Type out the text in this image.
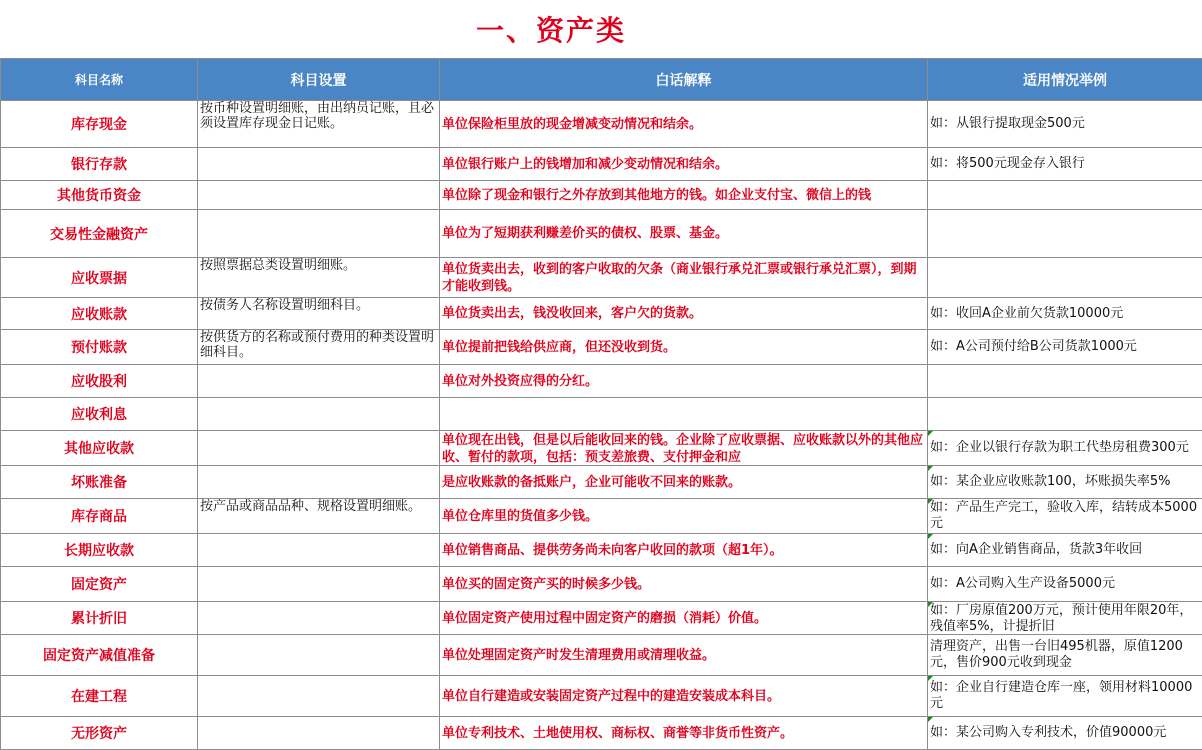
一、资产类
科目名称	科目设置	白话解释	适用情况举例

库存现金	按币种设置明细账，由出纳员记账，且必须设置库存现金日记账。	单位保险柜里放的现金增减变动情况和结余。	如：从银行提取现金500元

银行存款		单位银行账户上的钱增加和减少变动情况和结余。	如：将500元现金存入银行

其他货币资金		单位除了现金和银行之外存放到其他地方的钱。如企业支付宝、微信上的钱	

交易性金融资产		单位为了短期获利赚差价买的债权、股票、基金。	

应收票据	按照票据总类设置明细账。	单位货卖出去，收到的客户收取的欠条（商业银行承兑汇票或银行承兑汇票），到期才能收到钱。	

应收账款	按债务人名称设置明细科目。	单位货卖出去，钱没收回来，客户欠的货款。	如：收回A企业前欠货款10000元

预付账款	按供货方的名称或预付费用的种类设置明细科目。	单位提前把钱给供应商，但还没收到货。	如：A公司预付给B公司货款1000元

应收股利		单位对外投资应得的分红。	

应收利息			

其他应收款		单位现在出钱，但是以后能收回来的钱。企业除了应收票据、应收账款以外的其他应收、暂付的款项，包括：预支差旅费、支付押金和应	如：企业以银行存款为职工代垫房租费300元

坏账准备		是应收账款的备抵账户，企业可能收不回来的账款。	如：某企业应收账款100，坏账损失率5%

库存商品	按产品或商品品种、规格设置明细账。	单位仓库里的货值多少钱。	如：产品生产完工，验收入库，结转成本5000元

长期应收款		单位销售商品、提供劳务尚未向客户收回的款项（超1年）。	如：向A企业销售商品，货款3年收回

固定资产		单位买的固定资产买的时候多少钱。	如：A公司购入生产设备5000元

累计折旧		单位固定资产使用过程中固定资产的磨损（消耗）价值。	如：厂房原值200万元，预计使用年限20年，残值率5%，计提折旧

固定资产减值准备		单位处理固定资产时发生清理费用或清理收益。	清理资产，出售一台旧495机器，原值1200元，售价900元收到现金

在建工程		单位自行建造或安装固定资产过程中的建造安装成本科目。	如：企业自行建造仓库一座，领用材料10000元

无形资产		单位专利技术、土地使用权、商标权、商誉等非货币性资产。	如：某公司购入专利技术，价值90000元
